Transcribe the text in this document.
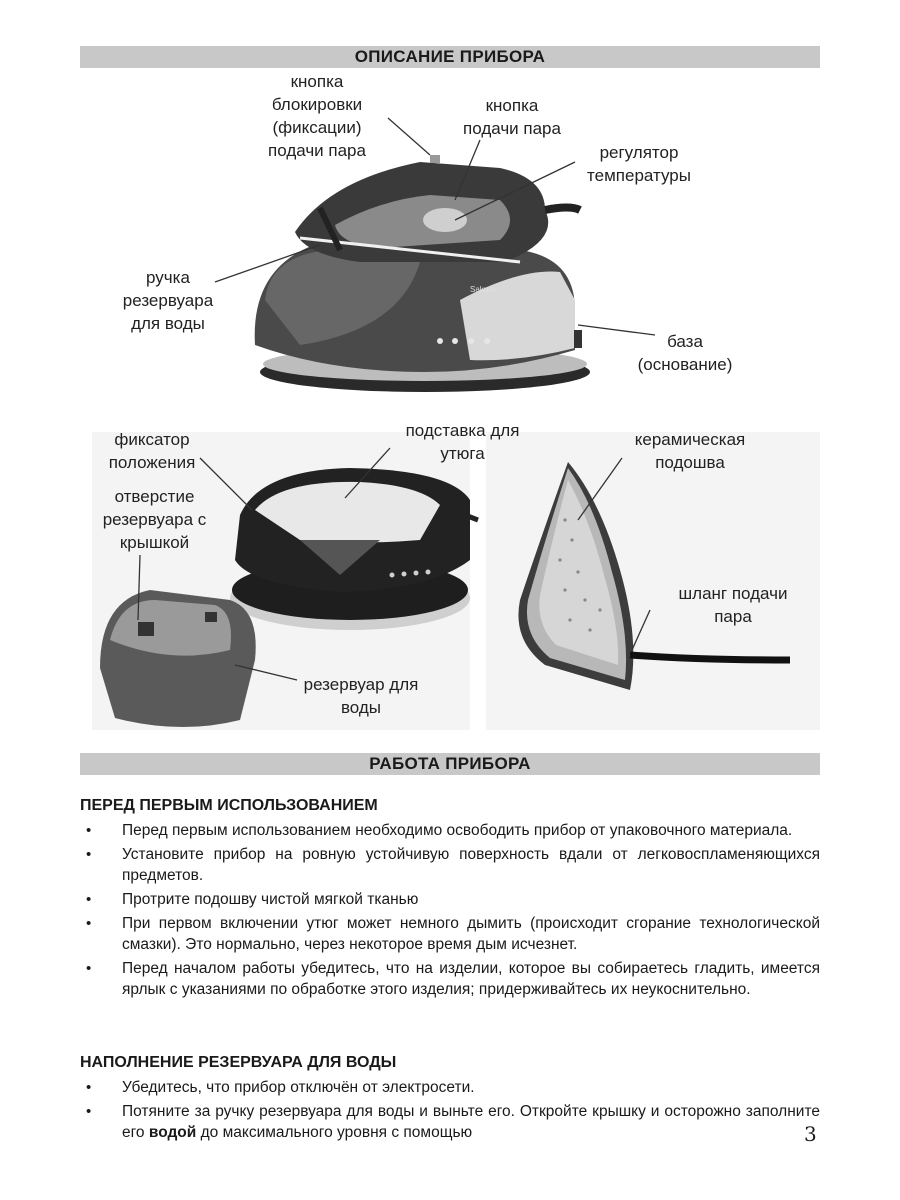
ОПИСАНИЕ ПРИБОРА
Sakura
кнопка
блокировки
(фиксации)
подачи пара
кнопка
подачи пара
регулятор
температуры
ручка
резервуара
для воды
база
(основание)
фиксатор
положения
подставка для
утюга
отверстие
резервуара с
крышкой
резервуар для
воды
керамическая
подошва
шланг подачи
пара
РАБОТА ПРИБОРА
ПЕРЕД ПЕРВЫМ ИСПОЛЬЗОВАНИЕМ
• Перед первым использованием необходимо освободить прибор от упаковочного материала.
• Установите прибор на ровную устойчивую поверхность вдали от легковоспламеняющихся предметов.
• Протрите подошву чистой мягкой тканью
• При первом включении утюг может немного дымить (происходит сгорание технологической смазки). Это нормально, через некоторое время дым исчезнет.
• Перед началом работы убедитесь, что на изделии, которое вы собираетесь гладить, имеется ярлык с указаниями по обработке этого изделия; придерживайтесь их неукоснительно.
НАПОЛНЕНИЕ РЕЗЕРВУАРА ДЛЯ ВОДЫ
• Убедитесь, что прибор отключён от электросети.
• Потяните за ручку резервуара для воды и выньте его. Откройте крышку и осторожно заполните его водой до максимального уровня с помощью	3
